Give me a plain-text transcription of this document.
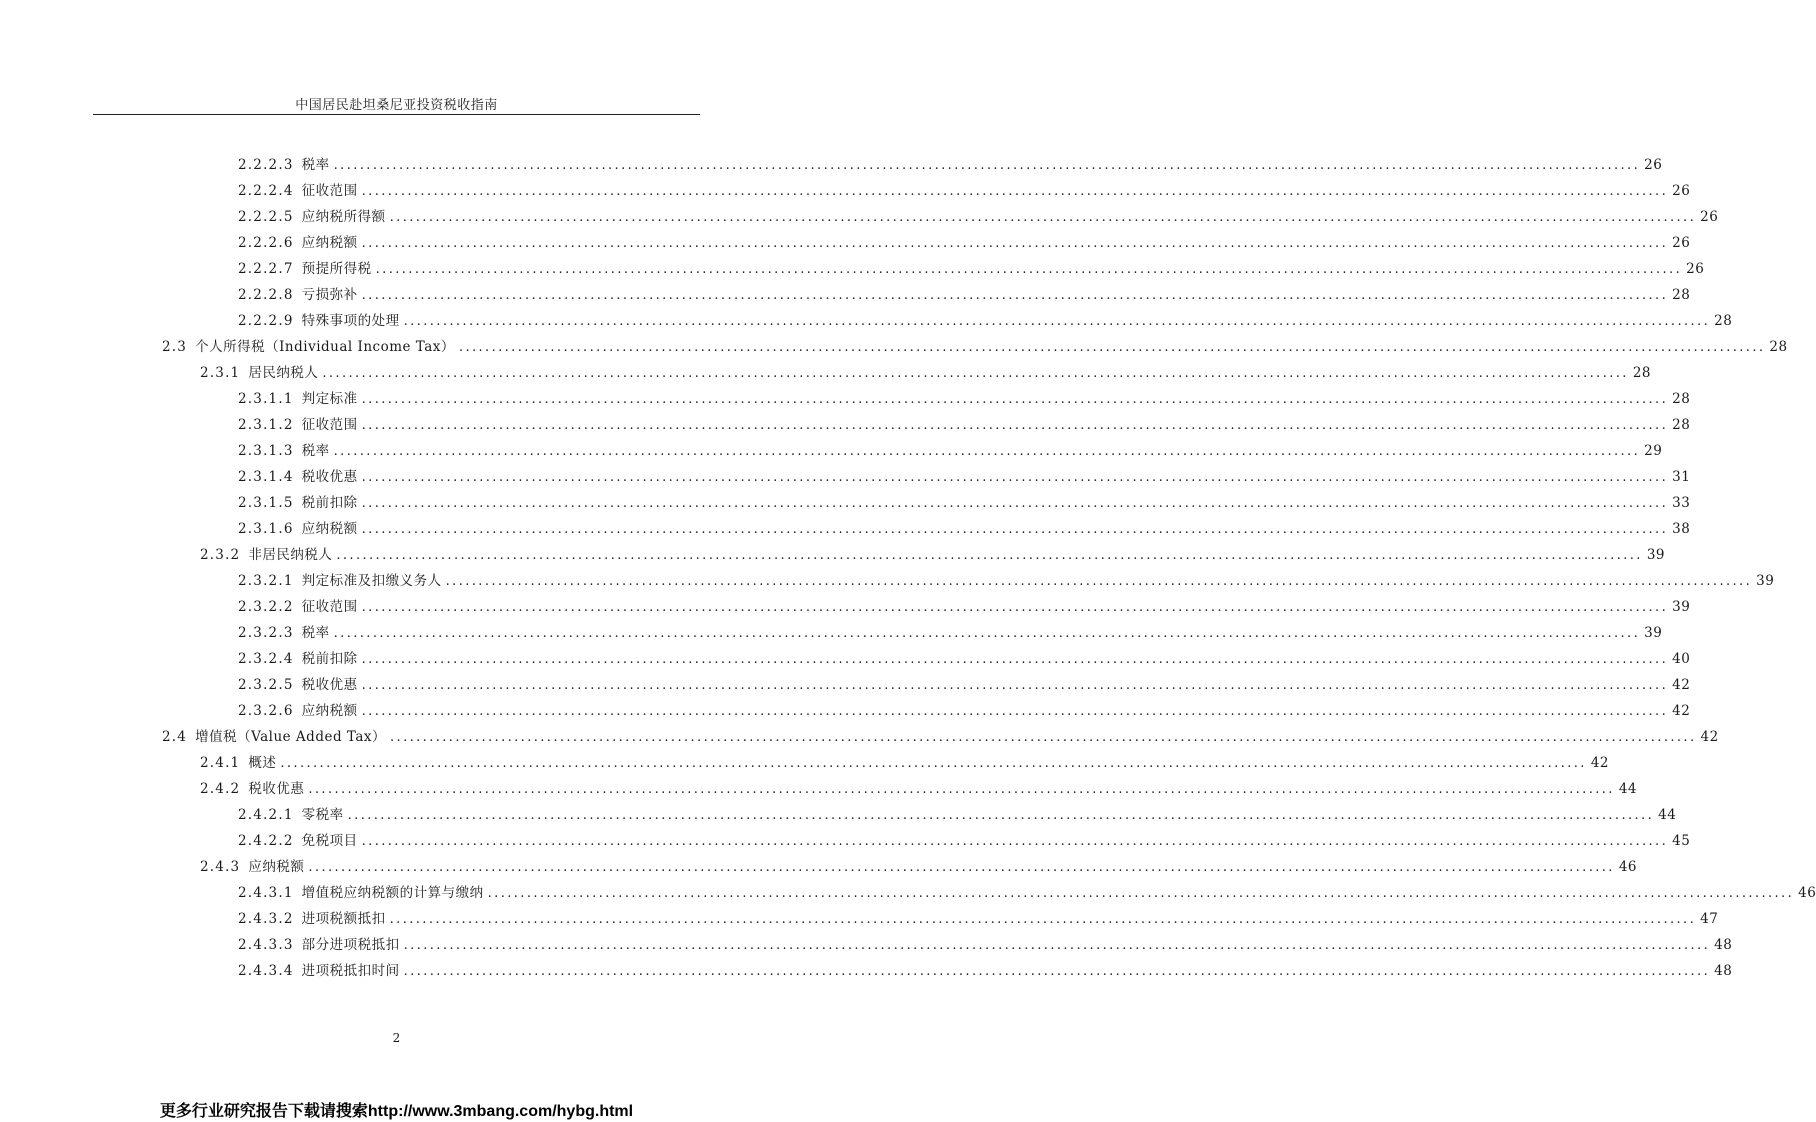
中国居民赴坦桑尼亚投资税收指南
2.2.2.3 税率 ........................................................................................................................................................................................................ 26
2.2.2.4 征收范围 ........................................................................................................................................................................................................ 26
2.2.2.5 应纳税所得额 ........................................................................................................................................................................................................ 26
2.2.2.6 应纳税额 ........................................................................................................................................................................................................ 26
2.2.2.7 预提所得税 ........................................................................................................................................................................................................ 26
2.2.2.8 亏损弥补 ........................................................................................................................................................................................................ 28
2.2.2.9 特殊事项的处理 ........................................................................................................................................................................................................ 28
2.3 个人所得税（Individual Income Tax） ........................................................................................................................................................................................................ 28
2.3.1 居民纳税人 ........................................................................................................................................................................................................ 28
2.3.1.1 判定标准 ........................................................................................................................................................................................................ 28
2.3.1.2 征收范围 ........................................................................................................................................................................................................ 28
2.3.1.3 税率 ........................................................................................................................................................................................................ 29
2.3.1.4 税收优惠 ........................................................................................................................................................................................................ 31
2.3.1.5 税前扣除 ........................................................................................................................................................................................................ 33
2.3.1.6 应纳税额 ........................................................................................................................................................................................................ 38
2.3.2 非居民纳税人 ........................................................................................................................................................................................................ 39
2.3.2.1 判定标准及扣缴义务人 ........................................................................................................................................................................................................ 39
2.3.2.2 征收范围 ........................................................................................................................................................................................................ 39
2.3.2.3 税率 ........................................................................................................................................................................................................ 39
2.3.2.4 税前扣除 ........................................................................................................................................................................................................ 40
2.3.2.5 税收优惠 ........................................................................................................................................................................................................ 42
2.3.2.6 应纳税额 ........................................................................................................................................................................................................ 42
2.4 增值税（Value Added Tax） ........................................................................................................................................................................................................ 42
2.4.1 概述 ........................................................................................................................................................................................................ 42
2.4.2 税收优惠 ........................................................................................................................................................................................................ 44
2.4.2.1 零税率 ........................................................................................................................................................................................................ 44
2.4.2.2 免税项目 ........................................................................................................................................................................................................ 45
2.4.3 应纳税额 ........................................................................................................................................................................................................ 46
2.4.3.1 增值税应纳税额的计算与缴纳 ........................................................................................................................................................................................................ 46
2.4.3.2 进项税额抵扣 ........................................................................................................................................................................................................ 47
2.4.3.3 部分进项税抵扣 ........................................................................................................................................................................................................ 48
2.4.3.4 进项税抵扣时间 ........................................................................................................................................................................................................ 48
2
更多行业研究报告下载请搜索http://www.3mbang.com/hybg.html
